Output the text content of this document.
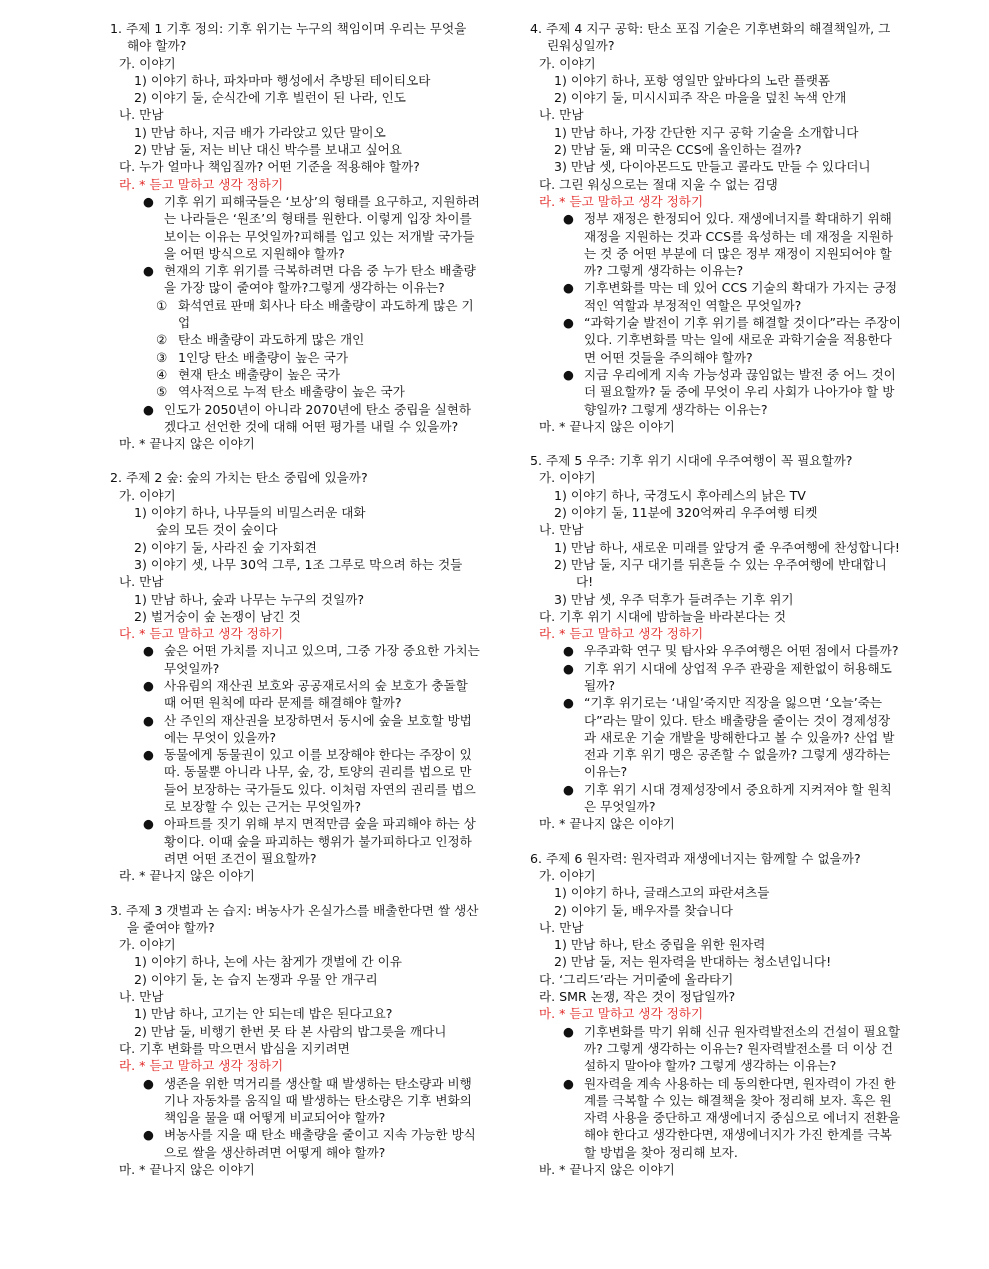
1. 주제 1 기후 정의: 기후 위기는 누구의 책임이며 우리는 무엇을 해야 할까?
가. 이야기
1) 이야기 하나, 파차마마 행성에서 추방된 테이티오타
2) 이야기 둘, 순식간에 기후 빌런이 된 나라, 인도
나. 만남
1) 만남 하나, 지금 배가 가라앉고 있단 말이오
2) 만남 둘, 저는 비난 대신 박수를 보내고 싶어요
다. 누가 얼마나 책임질까? 어떤 기준을 적용해야 할까?
라. * 듣고 말하고 생각 정하기
● 기후 위기 피해국들은 ‘보상’의 형태를 요구하고, 지원하려는 나라들은 ‘원조’의 형태를 원한다. 이렇게 입장 차이를 보이는 이유는 무엇일까?피해를 입고 있는 저개발 국가들을 어떤 방식으로 지원해야 할까?
● 현재의 기후 위기를 극복하려면 다음 중 누가 탄소 배출량을 가장 많이 줄여야 할까?그렇게 생각하는 이유는?
① 화석연료 판매 회사나 타소 배출량이 과도하게 많은 기업
② 탄소 배출량이 과도하게 많은 개인
③ 1인당 탄소 배출량이 높은 국가
④ 현재 탄소 배출량이 높은 국가
⑤ 역사적으로 누적 탄소 배출량이 높은 국가
● 인도가 2050년이 아니라 2070년에 탄소 중립을 실현하겠다고 선언한 것에 대해 어떤 평가를 내릴 수 있을까?
마. * 끝나지 않은 이야기
2. 주제 2 숲: 숲의 가치는 탄소 중립에 있을까?
가. 이야기
1) 이야기 하나, 나무들의 비밀스러운 대화
숲의 모든 것이 숲이다
2) 이야기 둘, 사라진 숲 기자회견
3) 이야기 셋, 나무 30억 그루, 1조 그루로 막으려 하는 것들
나. 만남
1) 만남 하나, 숲과 나무는 누구의 것일까?
2) 벌거숭이 숲 논쟁이 남긴 것
다. * 듣고 말하고 생각 정하기
● 숲은 어떤 가치를 지니고 있으며, 그중 가장 중요한 가치는 무엇일까?
● 사유림의 재산권 보호와 공공재로서의 숲 보호가 충돌할 때 어떤 원칙에 따라 문제를 해결해야 할까?
● 산 주인의 재산권을 보장하면서 동시에 숲을 보호할 방법에는 무엇이 있을까?
● 동물에게 동물권이 있고 이를 보장해야 한다는 주장이 있따. 동물뿐 아니라 나무, 숲, 강, 토양의 권리를 법으로 만들어 보장하는 국가들도 있다. 이처럼 자연의 권리를 법으로 보장할 수 있는 근거는 무엇일까?
● 아파트를 짓기 위해 부지 면적만큼 숲을 파괴해야 하는 상황이다. 이때 숲을 파괴하는 행위가 불가피하다고 인정하려면 어떤 조건이 필요할까?
라. * 끝나지 않은 이야기
3. 주제 3 갯벌과 논 습지: 벼농사가 온실가스를 배출한다면 쌀 생산을 줄여야 할까?
가. 이야기
1) 이야기 하나, 논에 사는 참게가 갯벌에 간 이유
2) 이야기 둘, 논 습지 논쟁과 우물 안 개구리
나. 만남
1) 만남 하나, 고기는 안 되는데 밥은 된다고요?
2) 만남 둘, 비행기 한번 못 타 본 사람의 밥그릇을 깨다니
다. 기후 변화를 막으면서 밥심을 지키려면
라. * 듣고 말하고 생각 정하기
● 생존을 위한 먹거리를 생산할 때 발생하는 탄소량과 비행기나 자동차를 움직일 때 발생하는 탄소량은 기후 변화의 책임을 물을 때 어떻게 비교되어야 할까?
● 벼농사를 지을 때 탄소 배출량을 줄이고 지속 가능한 방식으로 쌀을 생산하려면 어떻게 해야 할까?
마. * 끝나지 않은 이야기
4. 주제 4 지구 공학: 탄소 포집 기술은 기후변화의 해결책일까, 그린워싱일까?
가. 이야기
1) 이야기 하나, 포항 영일만 앞바다의 노란 플랫폼
2) 이야기 둘, 미시시피주 작은 마을을 덮친 녹색 안개
나. 만남
1) 만남 하나, 가장 간단한 지구 공학 기술을 소개합니다
2) 만남 둘, 왜 미국은 CCS에 올인하는 걸까?
3) 만남 셋, 다이아몬드도 만들고 콜라도 만들 수 있다더니
다. 그린 워싱으로는 절대 지울 수 없는 검댕
라. * 듣고 말하고 생각 정하기
● 정부 재정은 한정되어 있다. 재생에너지를 확대하기 위해 재정을 지원하는 것과 CCS를 육성하는 데 재정을 지원하는 것 중 어떤 부분에 더 많은 정부 재정이 지원되어야 할까? 그렇게 생각하는 이유는?
● 기후변화를 막는 데 있어 CCS 기술의 확대가 가지는 긍정적인 역할과 부정적인 역할은 무엇일까?
● “과학기술 발전이 기후 위기를 해결할 것이다”라는 주장이 있다. 기후변화를 막는 일에 새로운 과학기술을 적용한다면 어떤 것들을 주의해야 할까?
● 지금 우리에게 지속 가능성과 끊임없는 발전 중 어느 것이 더 필요할까? 둘 중에 무엇이 우리 사회가 나아가야 할 방향일까? 그렇게 생각하는 이유는?
마. * 끝나지 않은 이야기
5. 주제 5 우주: 기후 위기 시대에 우주여행이 꼭 필요할까?
가. 이야기
1) 이야기 하나, 국경도시 후아레스의 낡은 TV
2) 이야기 둘, 11분에 320억짜리 우주여행 티켓
나. 만남
1) 만남 하나, 새로운 미래를 앞당겨 줄 우주여행에 찬성합니다!
2) 만남 둘, 지구 대기를 뒤흔들 수 있는 우주여행에 반대합니다!
3) 만남 셋, 우주 덕후가 들려주는 기후 위기
다. 기후 위기 시대에 밤하늘을 바라본다는 것
라. * 듣고 말하고 생각 정하기
● 우주과학 연구 및 탐사와 우주여행은 어떤 점에서 다를까?
● 기후 위기 시대에 상업적 우주 관광을 제한없이 허용해도 될까?
● “기후 위기로는 ‘내일’죽지만 직장을 잃으면 ‘오늘’죽는다”라는 말이 있다. 탄소 배출량을 줄이는 것이 경제성장과 새로운 기술 개발을 방해한다고 볼 수 있을까? 산업 발전과 기후 위기 맹은 공존할 수 없을까? 그렇게 생각하는 이유는?
● 기후 위기 시대 경제성장에서 중요하게 지켜져야 할 원칙은 무엇일까?
마. * 끝나지 않은 이야기
6. 주제 6 원자력: 원자력과 재생에너지는 함께할 수 없을까?
가. 이야기
1) 이야기 하나, 글래스고의 파란셔츠들
2) 이야기 둘, 배우자를 찾습니다
나. 만남
1) 만남 하나, 탄소 중립을 위한 원자력
2) 만남 둘, 저는 원자력을 반대하는 청소년입니다!
다. ‘그리드’라는 거미줄에 올라타기
라. SMR 논쟁, 작은 것이 정답일까?
마. * 듣고 말하고 생각 정하기
● 기후변화를 막기 위해 신규 원자력발전소의 건설이 필요할까? 그렇게 생각하는 이유는? 원자력발전소를 더 이상 건설하지 말아야 할까? 그렇게 생각하는 이유는?
● 원자력을 계속 사용하는 데 동의한다면, 원자력이 가진 한계를 극복할 수 있는 해결책을 찾아 정리해 보자. 혹은 원자력 사용을 중단하고 재생에너지 중심으로 에너지 전환을 해야 한다고 생각한다면, 재생에너지가 가진 한계를 극복할 방법을 찾아 정리해 보자.
바. * 끝나지 않은 이야기
